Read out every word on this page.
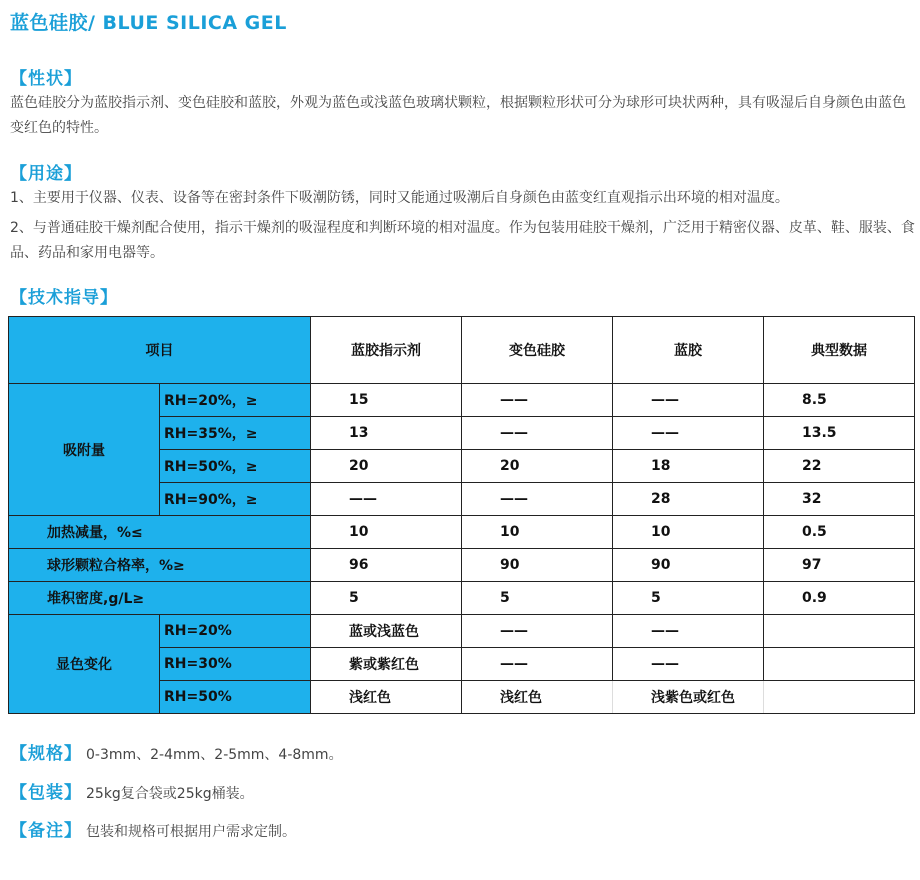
蓝色硅胶/ BLUE SILICA GEL
【性状】
蓝色硅胶分为蓝胶指示剂、变色硅胶和蓝胶，外观为蓝色或浅蓝色玻璃状颗粒，根据颗粒形状可分为球形可块状两种，具有吸湿后自身颜色由蓝色变红色的特性。
【用途】
1、主要用于仪器、仪表、设备等在密封条件下吸潮防锈，同时又能通过吸潮后自身颜色由蓝变红直观指示出环境的相对温度。
2、与普通硅胶干燥剂配合使用，指示干燥剂的吸湿程度和判断环境的相对温度。作为包装用硅胶干燥剂，广泛用于精密仪器、皮革、鞋、服装、食品、药品和家用电器等。
【技术指导】
项目		蓝胶指示剂	变色硅胶	蓝胶	典型数据
吸附量	RH=20%，≥	15	——	——	8.5
	RH=35%，≥	13	——	——	13.5
	RH=50%，≥	20	20	18	22
	RH=90%，≥	——	——	28	32
加热减量，%≤		10	10	10	0.5
球形颗粒合格率，%≥		96	90	90	97
堆积密度,g/L≥		5	5	5	0.9
显色变化	RH=20%	蓝或浅蓝色	——	——	
	RH=30%	紫或紫红色	——	——	
	RH=50%	浅红色	浅红色	浅紫色或红色	
【规格】 0-3mm、2-4mm、2-5mm、4-8mm。
【包装】 25kg复合袋或25kg桶装。
【备注】 包装和规格可根据用户需求定制。
